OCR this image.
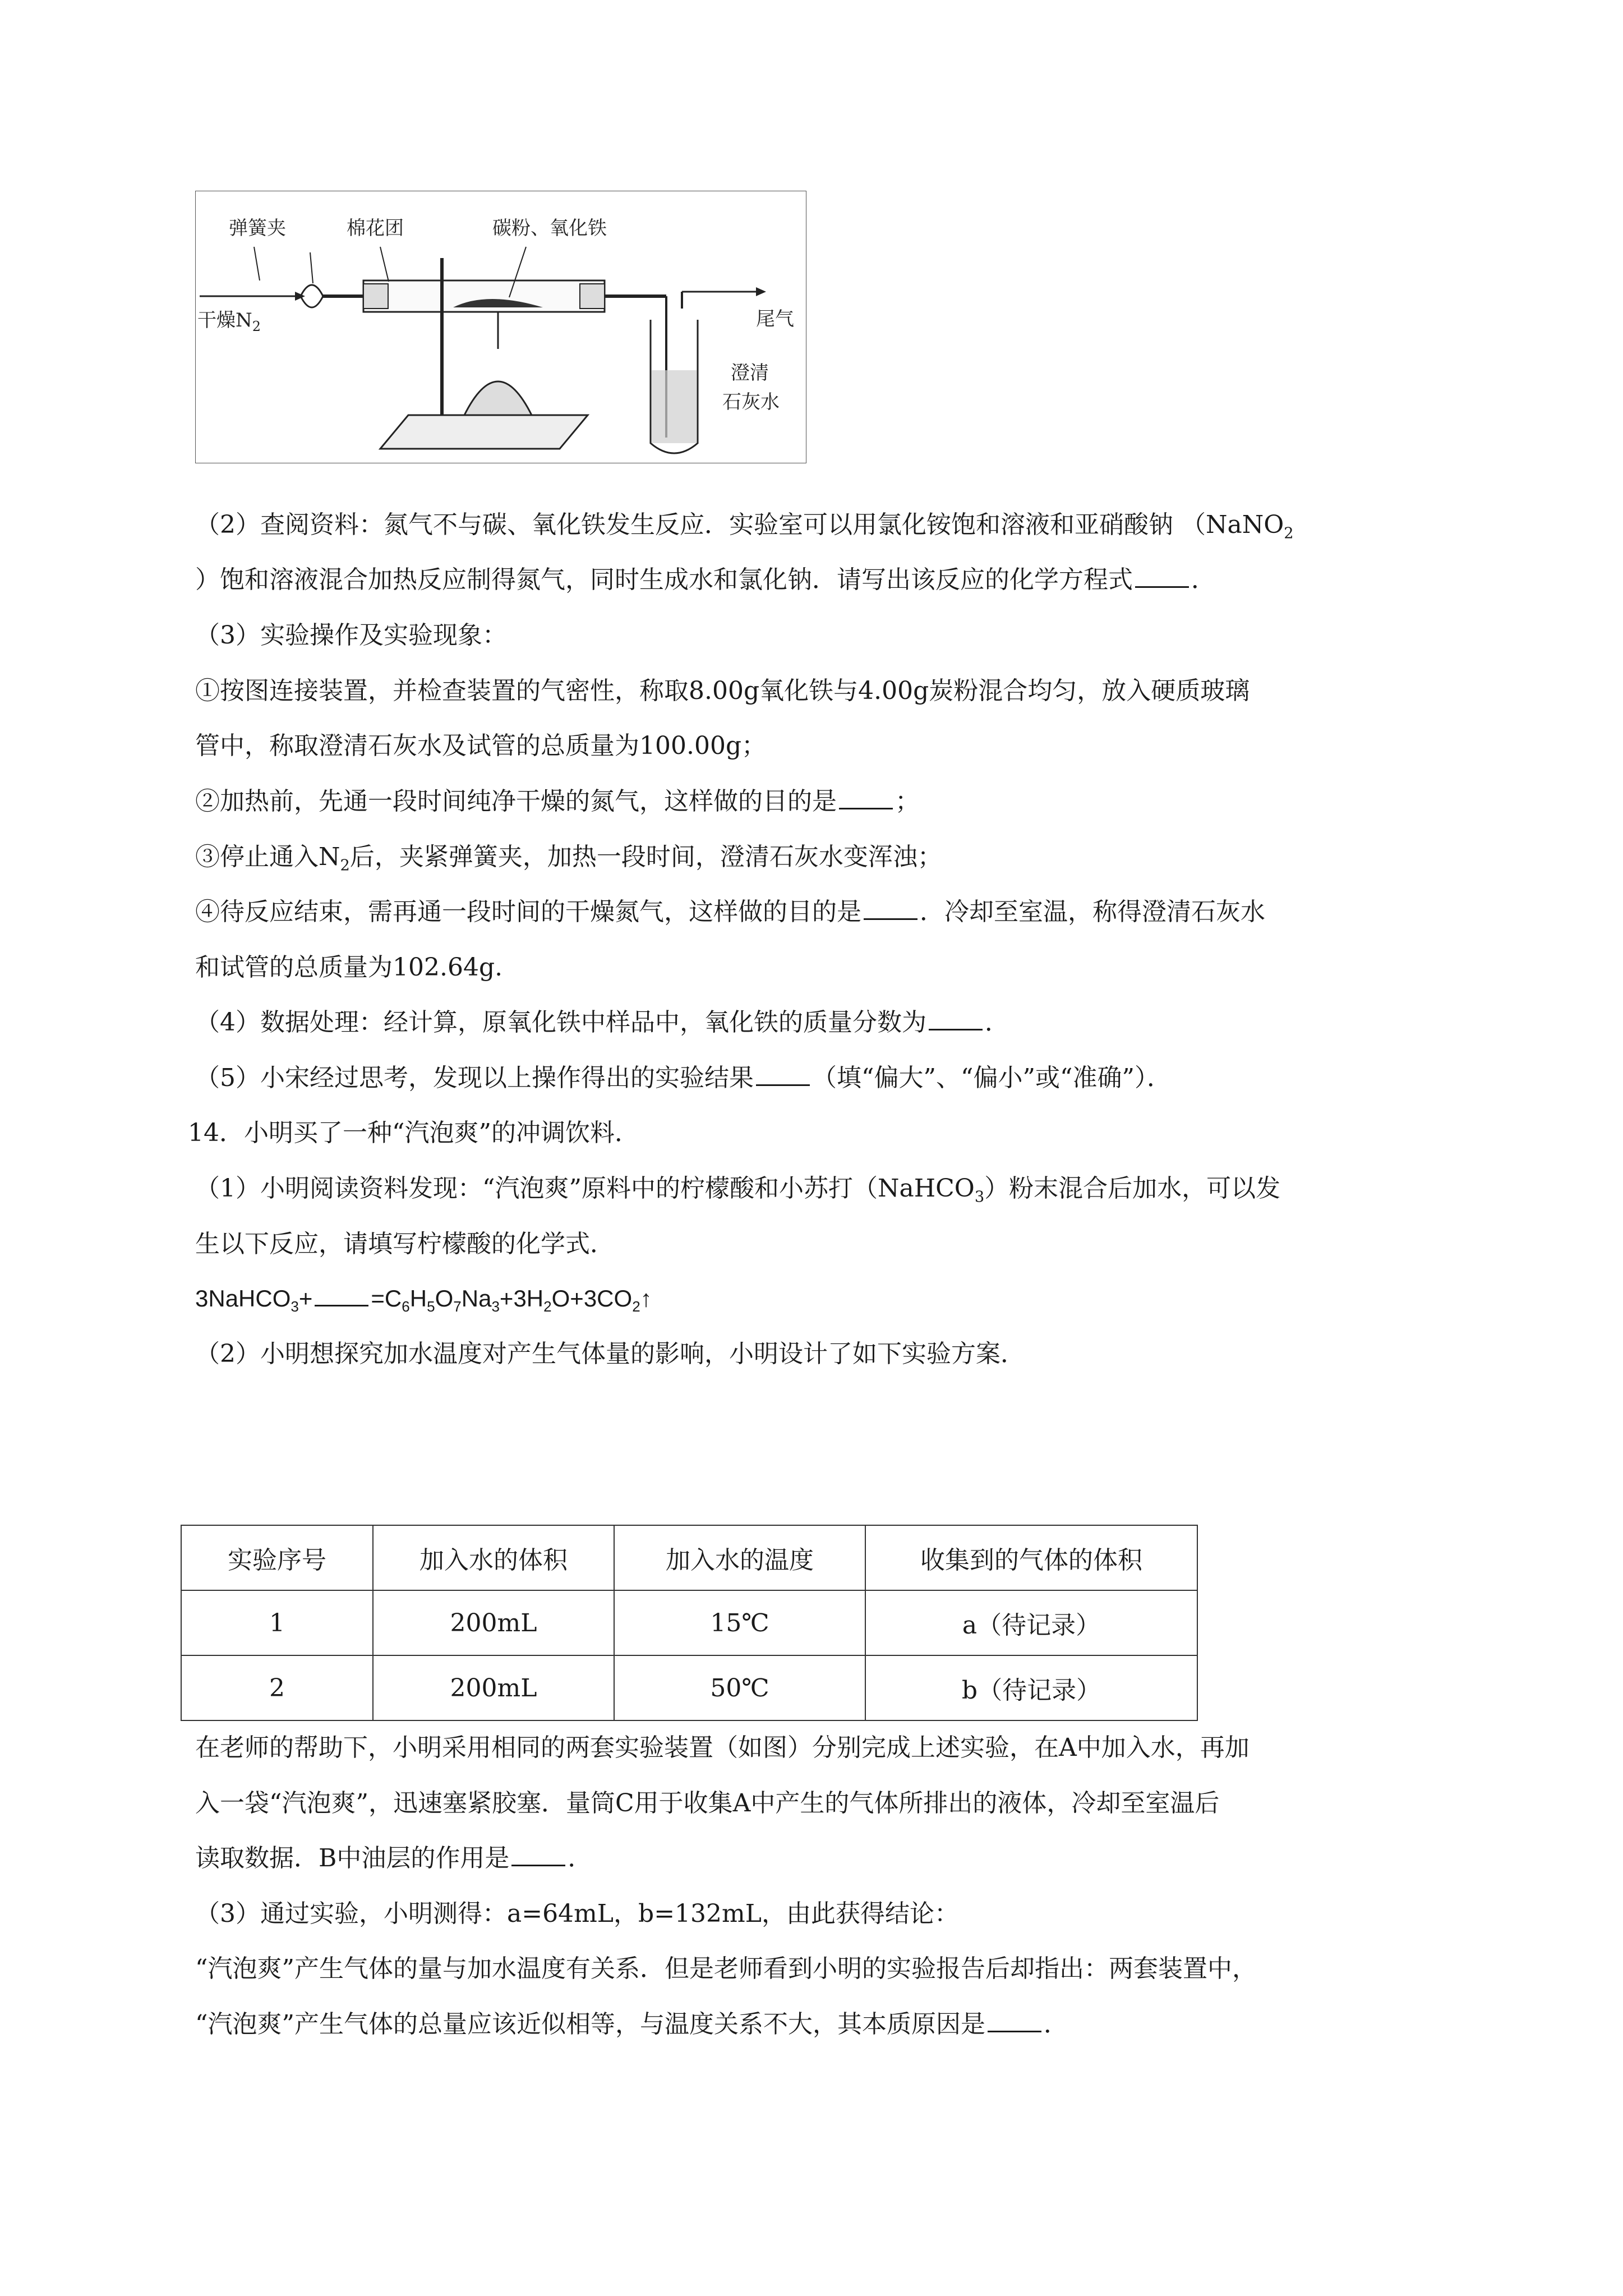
弹簧夹	棉花团	碳粉、氧化铁
干燥$N_2$	尾气
澄清
石灰水
（2）查阅资料：氮气不与碳、氧化铁发生反应．实验室可以用氯化铵饱和溶液和亚硝酸钠 （NaNO$_2$
）饱和溶液混合加热反应制得氮气，同时生成水和氯化钠．请写出该反应的化学方程式 ．
（3）实验操作及实验现象：
①按图连接装置，并检查装置的气密性，称取8.00g氧化铁与4.00g炭粉混合均匀，放入硬质玻璃
管中，称取澄清石灰水及试管的总质量为100.00g；
②加热前，先通一段时间纯净干燥的氮气，这样做的目的是 ；
③停止通入$N_2$后，夹紧弹簧夹，加热一段时间，澄清石灰水变浑浊；
④待反应结束，需再通一段时间的干燥氮气，这样做的目的是 ．冷却至室温，称得澄清石灰水
和试管的总质量为102.64g.
（4）数据处理：经计算，原氧化铁中样品中，氧化铁的质量分数为 ．
（5）小宋经过思考，发现以上操作得出的实验结果 （填“偏大”、“偏小”或“准确”）．
14．小明买了一种“汽泡爽”的冲调饮料．
（1）小明阅读资料发现：“汽泡爽”原料中的柠檬酸和小苏打（NaHCO$_3$）粉末混合后加水，可以发
生以下反应，请填写柠檬酸的化学式．
3NaHCO$_3$+ $=C_6H_5O_7Na_3+3H_2O+3CO_2↑$
（2）小明想探究加水温度对产生气体量的影响，小明设计了如下实验方案．
实验序号	加入水的体积	加入水的温度	收集到的气体的体积
1	200mL	15℃	a（待记录）
2	200mL	50℃	b（待记录）
在老师的帮助下，小明采用相同的两套实验装置（如图）分别完成上述实验，在A中加入水，再加
入一袋“汽泡爽”，迅速塞紧胶塞．量筒C用于收集A中产生的气体所排出的液体，冷却至室温后
读取数据．B中油层的作用是 ．
（3）通过实验，小明测得：a=64mL，b=132mL，由此获得结论：
“汽泡爽”产生气体的量与加水温度有关系．但是老师看到小明的实验报告后却指出：两套装置中，
“汽泡爽”产生气体的总量应该近似相等，与温度关系不大，其本质原因是 ．
